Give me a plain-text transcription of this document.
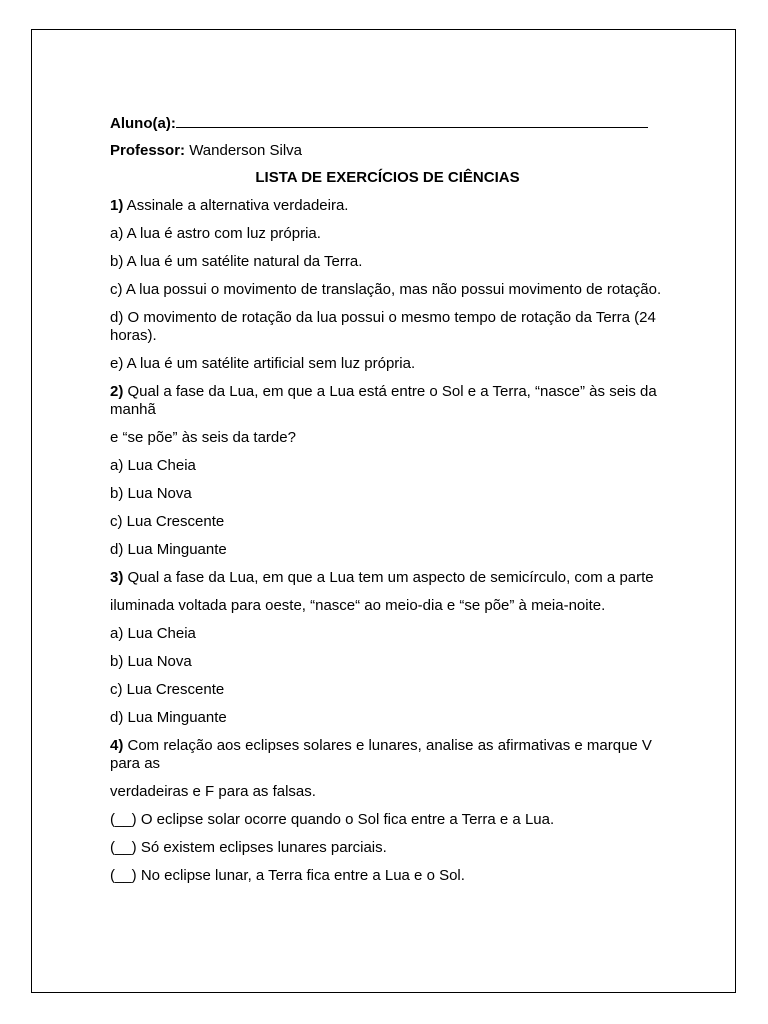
Aluno(a):
Professor: Wanderson Silva
LISTA DE EXERCÍCIOS DE CIÊNCIAS
1) Assinale a alternativa verdadeira.
a) A lua é astro com luz própria.
b) A lua é um satélite natural da Terra.
c) A lua possui o movimento de translação, mas não possui movimento de rotação.
d) O movimento de rotação da lua possui o mesmo tempo de rotação da Terra (24 horas).
e) A lua é um satélite artificial sem luz própria.
2) Qual a fase da Lua, em que a Lua está entre o Sol e a Terra, “nasce” às seis da manhã
e “se põe” às seis da tarde?
a) Lua Cheia
b) Lua Nova
c) Lua Crescente
d) Lua Minguante
3) Qual a fase da Lua, em que a Lua tem um aspecto de semicírculo, com a parte
iluminada voltada para oeste, “nasce“ ao meio-dia e “se põe” à meia-noite.
a) Lua Cheia
b) Lua Nova
c) Lua Crescente
d) Lua Minguante
4) Com relação aos eclipses solares e lunares, analise as afirmativas e marque V para as
verdadeiras e F para as falsas.
(__) O eclipse solar ocorre quando o Sol fica entre a Terra e a Lua.
(__) Só existem eclipses lunares parciais.
(__) No eclipse lunar, a Terra fica entre a Lua e o Sol.
